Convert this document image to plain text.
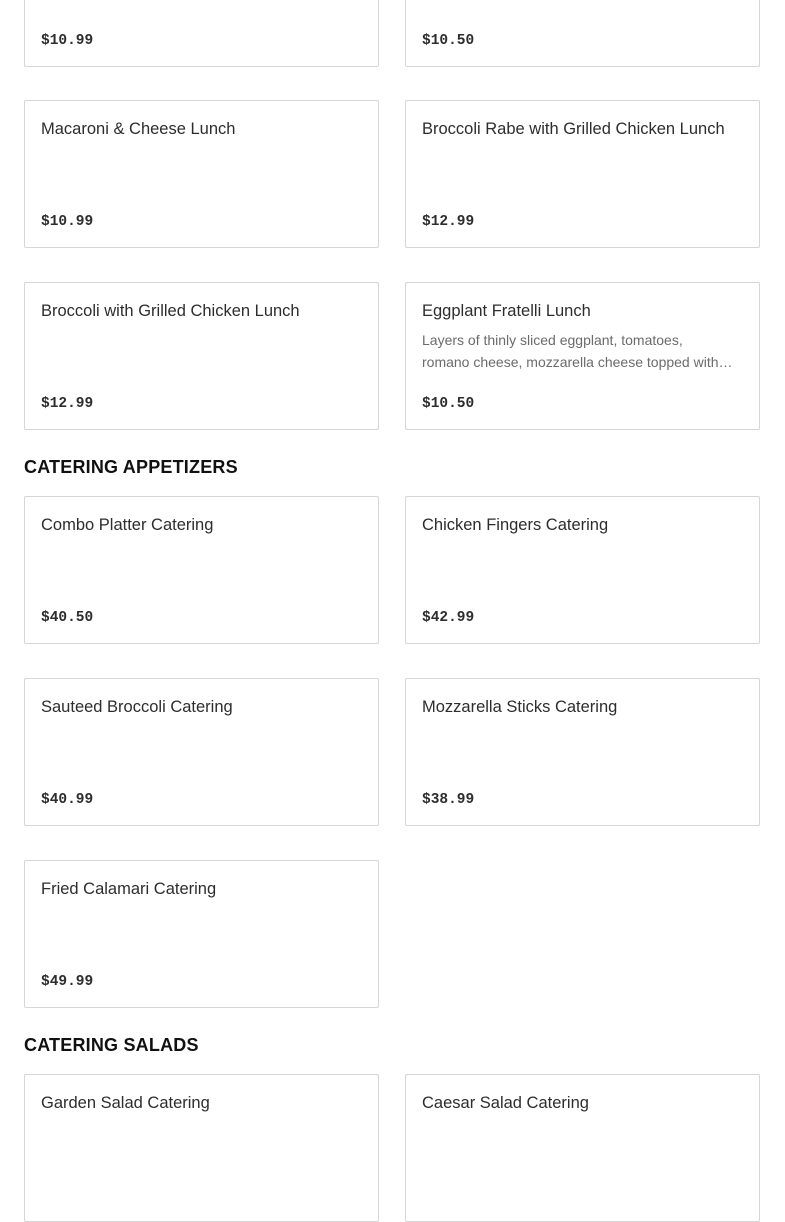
$10.99	$10.50
Macaroni & Cheese Lunch
$10.99
Broccoli Rabe with Grilled Chicken Lunch
$12.99
Broccoli with Grilled Chicken Lunch
$12.99
Eggplant Fratelli Lunch
Layers of thinly sliced eggplant, tomatoes, romano cheese, mozzarella cheese topped with…
$10.50
CATERING APPETIZERS
Combo Platter Catering
$40.50
Chicken Fingers Catering
$42.99
Sauteed Broccoli Catering
$40.99
Mozzarella Sticks Catering
$38.99
Fried Calamari Catering
$49.99
CATERING SALADS
Garden Salad Catering	Caesar Salad Catering
